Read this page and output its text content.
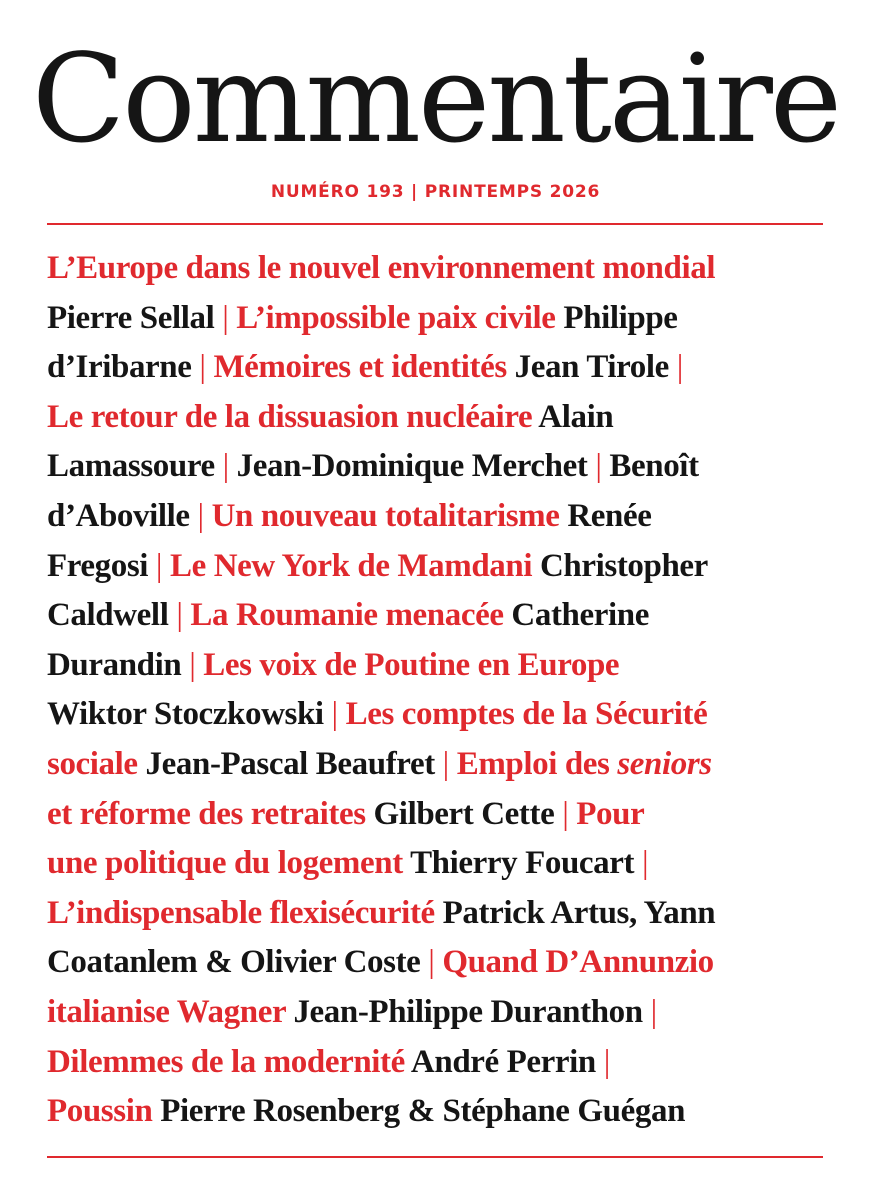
Commentaire
NUMÉRO 193 | PRINTEMPS 2026
L’Europe dans le nouvel environnement mondial
Pierre Sellal | L’impossible paix civile Philippe
d’Iribarne | Mémoires et identités Jean Tirole |
Le retour de la dissuasion nucléaire Alain
Lamassoure | Jean-Dominique Merchet | Benoît
d’Aboville | Un nouveau totalitarisme Renée
Fregosi | Le New York de Mamdani Christopher
Caldwell | La Roumanie menacée Catherine
Durandin | Les voix de Poutine en Europe
Wiktor Stoczkowski | Les comptes de la Sécurité
sociale Jean-Pascal Beaufret | Emploi des seniors
et réforme des retraites Gilbert Cette | Pour
une politique du logement Thierry Foucart |
L’indispensable flexisécurité Patrick Artus, Yann
Coatanlem & Olivier Coste | Quand D’Annunzio
italianise Wagner Jean-Philippe Duranthon |
Dilemmes de la modernité André Perrin |
Poussin Pierre Rosenberg & Stéphane Guégan
